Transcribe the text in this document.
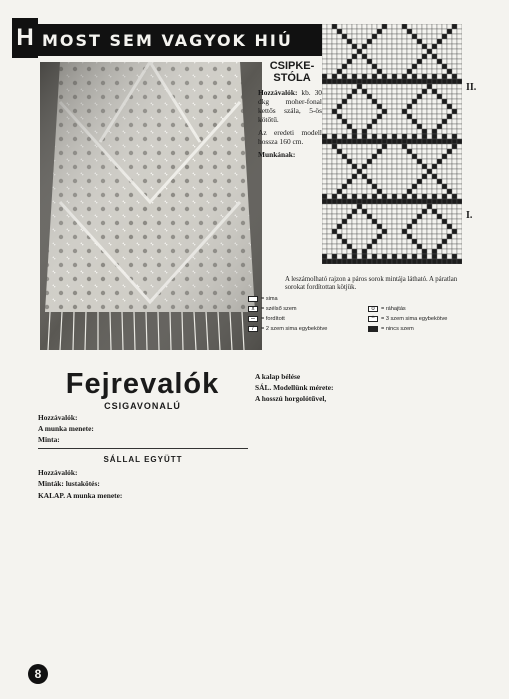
H MOST SEM VAGYOK HIÚ
CSIPKE-
STÓLA

Hozzávalók: kb. 30 dkg moher-fonal kettős szála, 5-ös kötőtű.

Az eredeti modell hossza 160 cm.

Munkának:

II.
I.
A leszámolható rajzon a páros sorok mintája látható. A páratlan sorokat fordítottan kötjük.
= sima
x	= szélső szem
–	= fordított
/	= 2 szem sima egybekötve
o	= ráhajtás
^	= 3 szem sima egybekötve
= nincs szem
Fejrevalók
CSIGAVONALÚ

Hozzávalók:

A munka menete:

Minta:

SÁLLAL EGYÜTT

Hozzávalók:

Minták: lustakötés:

KALAP. A munka menete:

A kalap bélése

SÁL. Modellünk mérete:

A hosszú horgolótűvel,

8
